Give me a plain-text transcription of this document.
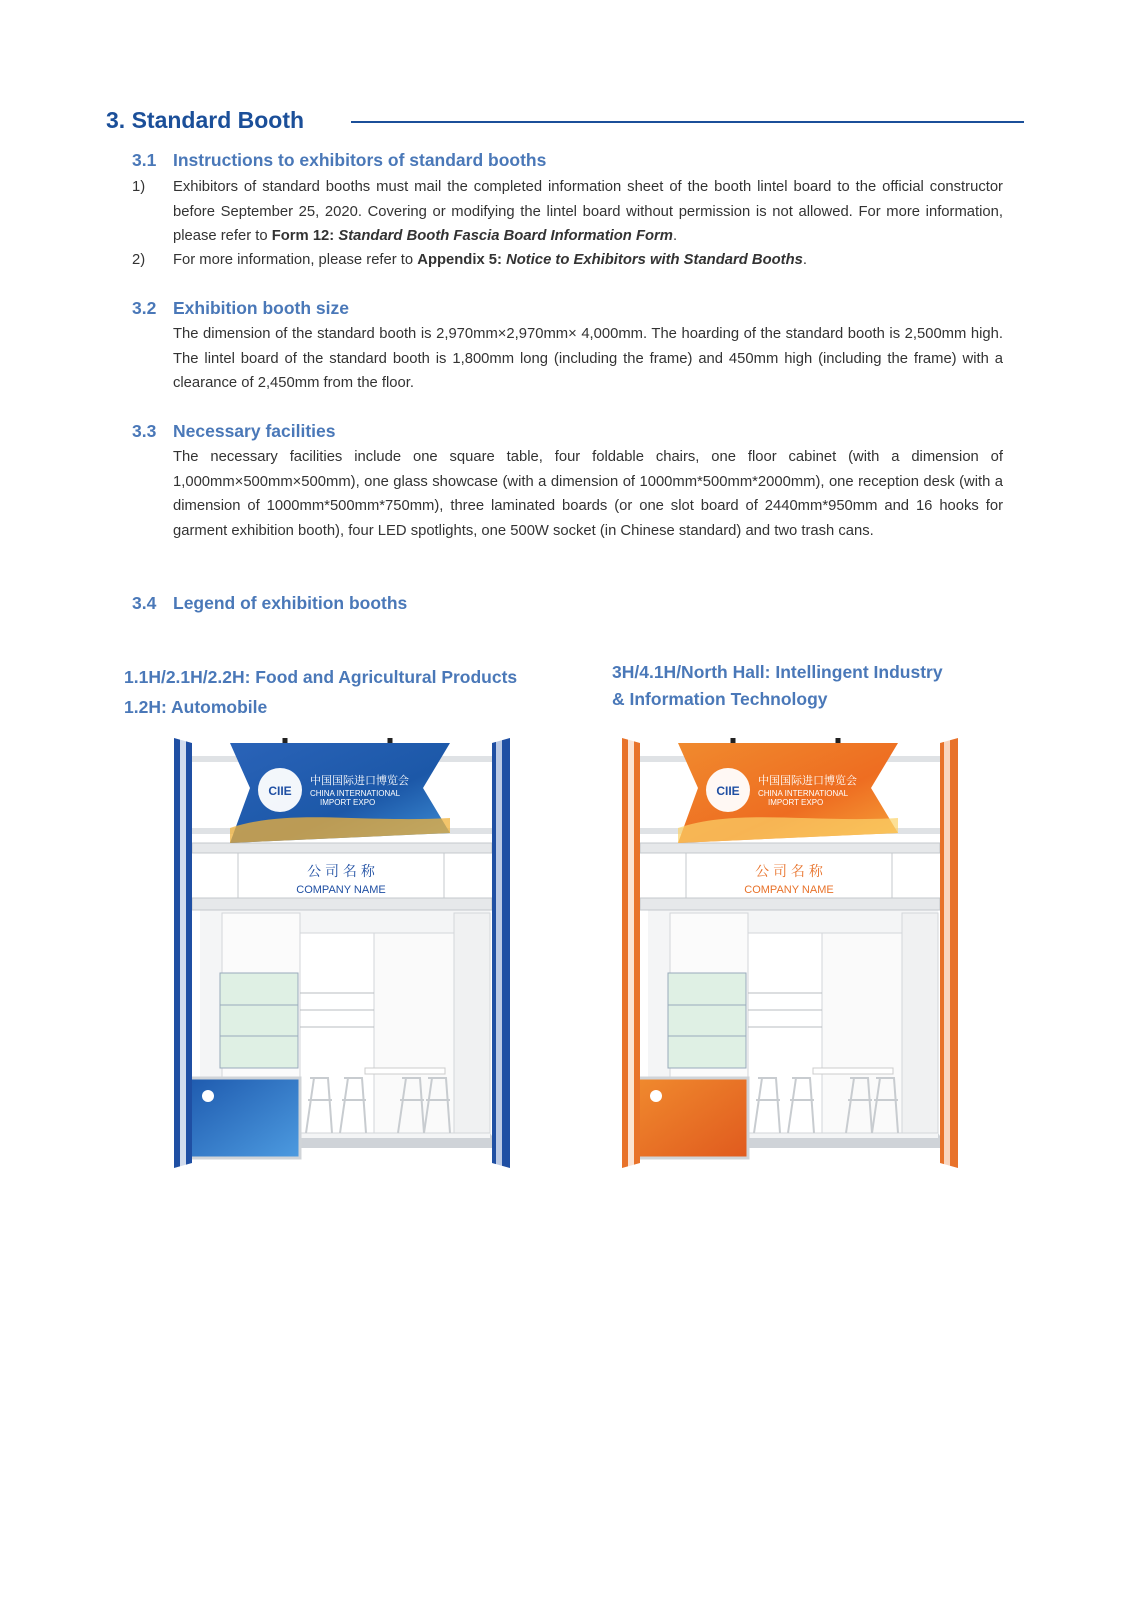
3. Standard Booth
3.1 Instructions to exhibitors of standard booths
1) Exhibitors of standard booths must mail the completed information sheet of the booth lintel board to the official constructor before September 25, 2020. Covering or modifying the lintel board without permission is not allowed. For more information, please refer to Form 12: Standard Booth Fascia Board Information Form.
2) For more information, please refer to Appendix 5: Notice to Exhibitors with Standard Booths.
3.2 Exhibition booth size

The dimension of the standard booth is 2,970mm×2,970mm× 4,000mm. The hoarding of the standard booth is 2,500mm high. The lintel board of the standard booth is 1,800mm long (including the frame) and 450mm high (including the frame) with a clearance of 2,450mm from the floor.

3.3 Necessary facilities

The necessary facilities include one square table, four foldable chairs, one floor cabinet (with a dimension of 1,000mm×500mm×500mm), one glass showcase (with a dimension of 1000mm*500mm*2000mm), one reception desk (with a dimension of 1000mm*500mm*750mm), three laminated boards (or one slot board of 2440mm*950mm and 16 hooks for garment exhibition booth), four LED spotlights, one 500W socket (in Chinese standard) and two trash cans.

3.4 Legend of exhibition booths

1.1H/2.1H/2.2H: Food and Agricultural Products

1.2H: Automobile

3H/4.1H/North Hall: Intellingent Industry

& Information Technology

公 司 名 称
COMPANY NAME
CIIE
中国国际进口博览会
CHINA INTERNATIONAL
IMPORT EXPO
公 司 名 称
COMPANY NAME
CIIE
中国国际进口博览会
CHINA INTERNATIONAL
IMPORT EXPO
